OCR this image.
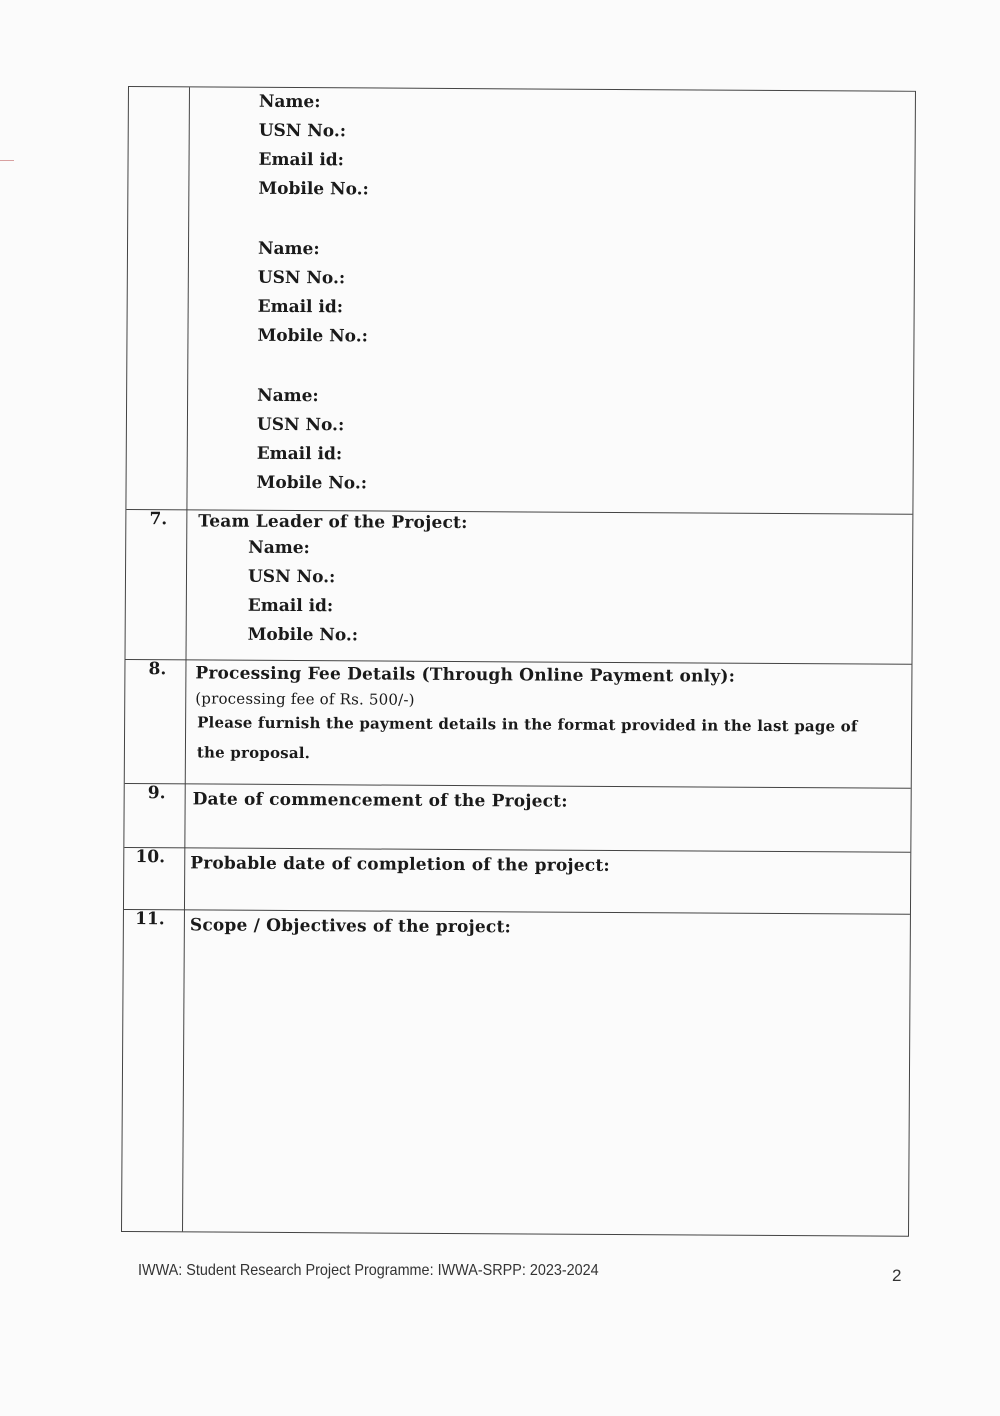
Name:
USN No.:
Email id:
Mobile No.:
Name:
USN No.:
Email id:
Mobile No.:
Name:
USN No.:
Email id:
Mobile No.:
7.	Team Leader of the Project:
Name:
USN No.:
Email id:
Mobile No.:
8.	Processing Fee Details (Through Online Payment only):
(processing fee of Rs. 500/-)
Please furnish the payment details in the format provided in the last page of
the proposal.
9.	Date of commencement of the Project:
10.	Probable date of completion of the project:
11.	Scope / Objectives of the project:
IWWA: Student Research Project Programme: IWWA-SRPP: 2023-2024	2
